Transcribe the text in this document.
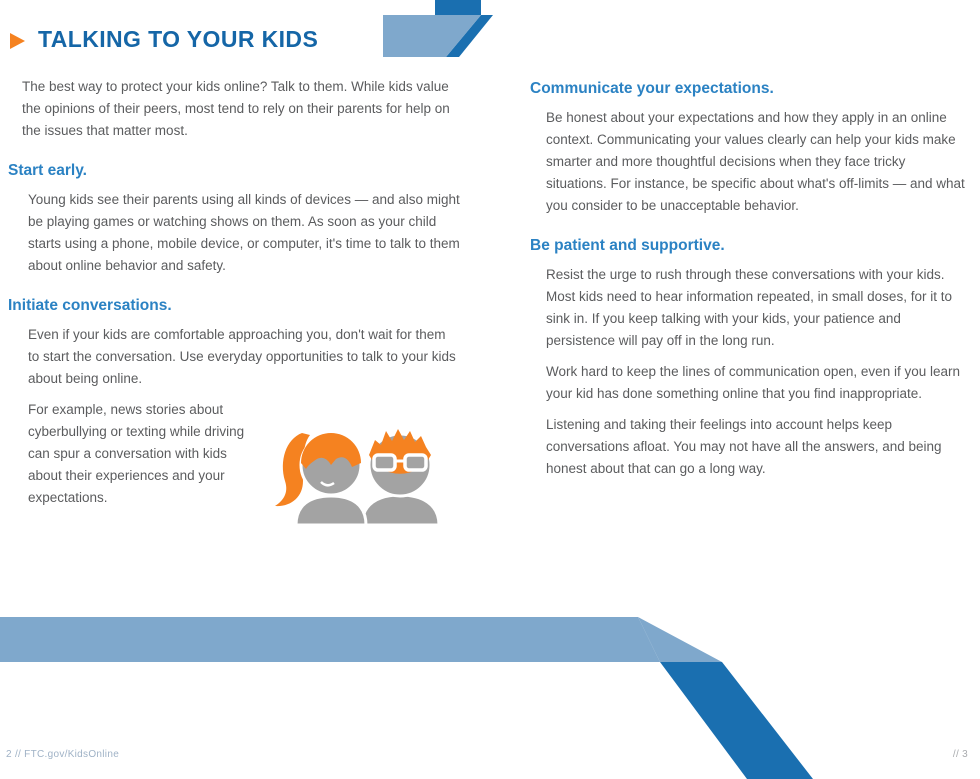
TALKING TO YOUR KIDS

The best way to protect your kids online? Talk to them. While kids value the opinions of their peers, most tend to rely on their parents for help on the issues that matter most.

Start early.

Young kids see their parents using all kinds of devices — and also might be playing games or watching shows on them. As soon as your child starts using a phone, mobile device, or computer, it's time to talk to them about online behavior and safety.

Initiate conversations.

Even if your kids are comfortable approaching you, don't wait for them to start the conversation. Use everyday opportunities to talk to your kids about being online.

For example, news stories about cyberbullying or texting while driving can spur a conversation with kids about their experiences and your expectations.

Communicate your expectations.

Be honest about your expectations and how they apply in an online context. Communicating your values clearly can help your kids make smarter and more thoughtful decisions when they face tricky situations. For instance, be specific about what's off-limits — and what you consider to be unacceptable behavior.

Be patient and supportive.

Resist the urge to rush through these conversations with your kids. Most kids need to hear information repeated, in small doses, for it to sink in. If you keep talking with your kids, your patience and persistence will pay off in the long run.

Work hard to keep the lines of communication open, even if you learn your kid has done something online that you find inappropriate.

Listening and taking their feelings into account helps keep conversations afloat. You may not have all the answers, and being honest about that can go a long way.

2 // FTC.gov/KidsOnline	// 3
